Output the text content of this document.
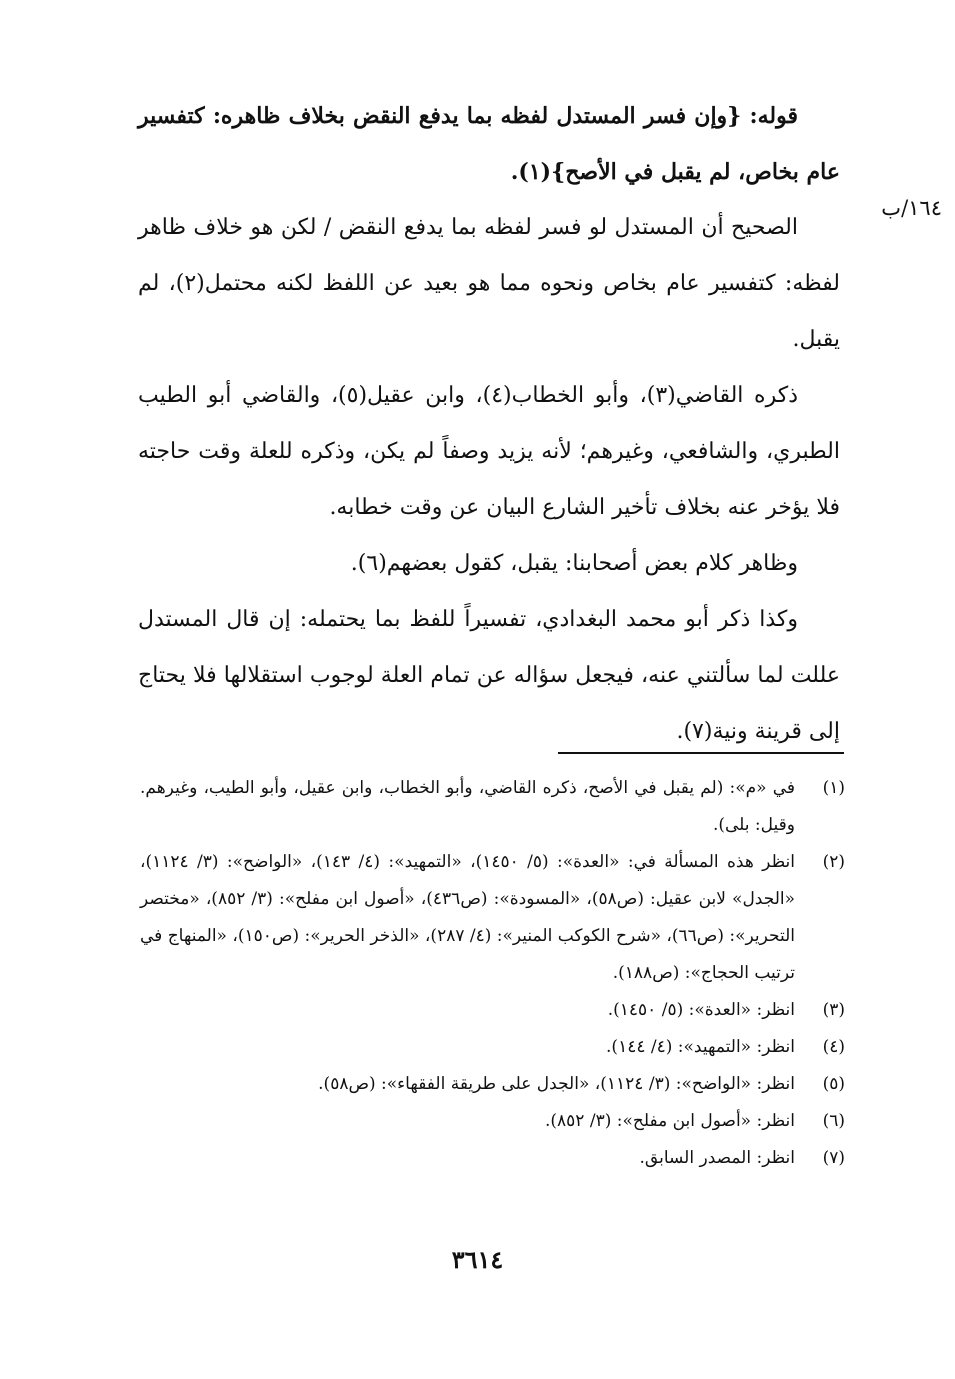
١٦٤/ب

قوله: {وإن فسر المستدل لفظه بما يدفع النقض بخلاف ظاهره: كتفسير عام بخاص، لم يقبل في الأصح}(١).

الصحيح أن المستدل لو فسر لفظه بما يدفع النقض / لكن هو خلاف ظاهر لفظه: كتفسير عام بخاص ونحوه مما هو بعيد عن اللفظ لكنه محتمل(٢)، لم يقبل.

ذكره القاضي(٣)، وأبو الخطاب(٤)، وابن عقيل(٥)، والقاضي أبو الطيب الطبري، والشافعي، وغيرهم؛ لأنه يزيد وصفاً لم يكن، وذكره للعلة وقت حاجته فلا يؤخر عنه بخلاف تأخير الشارع البيان عن وقت خطابه.

وظاهر كلام بعض أصحابنا: يقبل، كقول بعضهم(٦).

وكذا ذكر أبو محمد البغدادي، تفسيراً للفظ بما يحتمله: إن قال المستدل عللت لما سألتني عنه، فيجعل سؤاله عن تمام العلة لوجوب استقلالها فلا يحتاج إلى قرينة ونية(٧).

(١)
في «م»: (لم يقبل في الأصح، ذكره القاضي، وأبو الخطاب، وابن عقيل، وأبو الطيب، وغيرهم. وقيل: بلى).
(٢)
انظر هذه المسألة في: «العدة»: (٥/ ١٤٥٠)، «التمهيد»: (٤/ ١٤٣)، «الواضح»: (٣/ ١١٢٤)، «الجدل» لابن عقيل: (ص٥٨)، «المسودة»: (ص٤٣٦)، «أصول ابن مفلح»: (٣/ ٨٥٢)، «مختصر التحرير»: (ص٦٦)، «شرح الكوكب المنير»: (٤/ ٢٨٧)، «الذخر الحرير»: (ص١٥٠)، «المنهاج في ترتيب الحجاج»: (ص١٨٨).
(٣)
انظر: «العدة»: (٥/ ١٤٥٠).
(٤)
انظر: «التمهيد»: (٤/ ١٤٤).
(٥)
انظر: «الواضح»: (٣/ ١١٢٤)، «الجدل على طريقة الفقهاء»: (ص٥٨).
(٦)
انظر: «أصول ابن مفلح»: (٣/ ٨٥٢).
(٧)
انظر: المصدر السابق.
٣٦١٤
